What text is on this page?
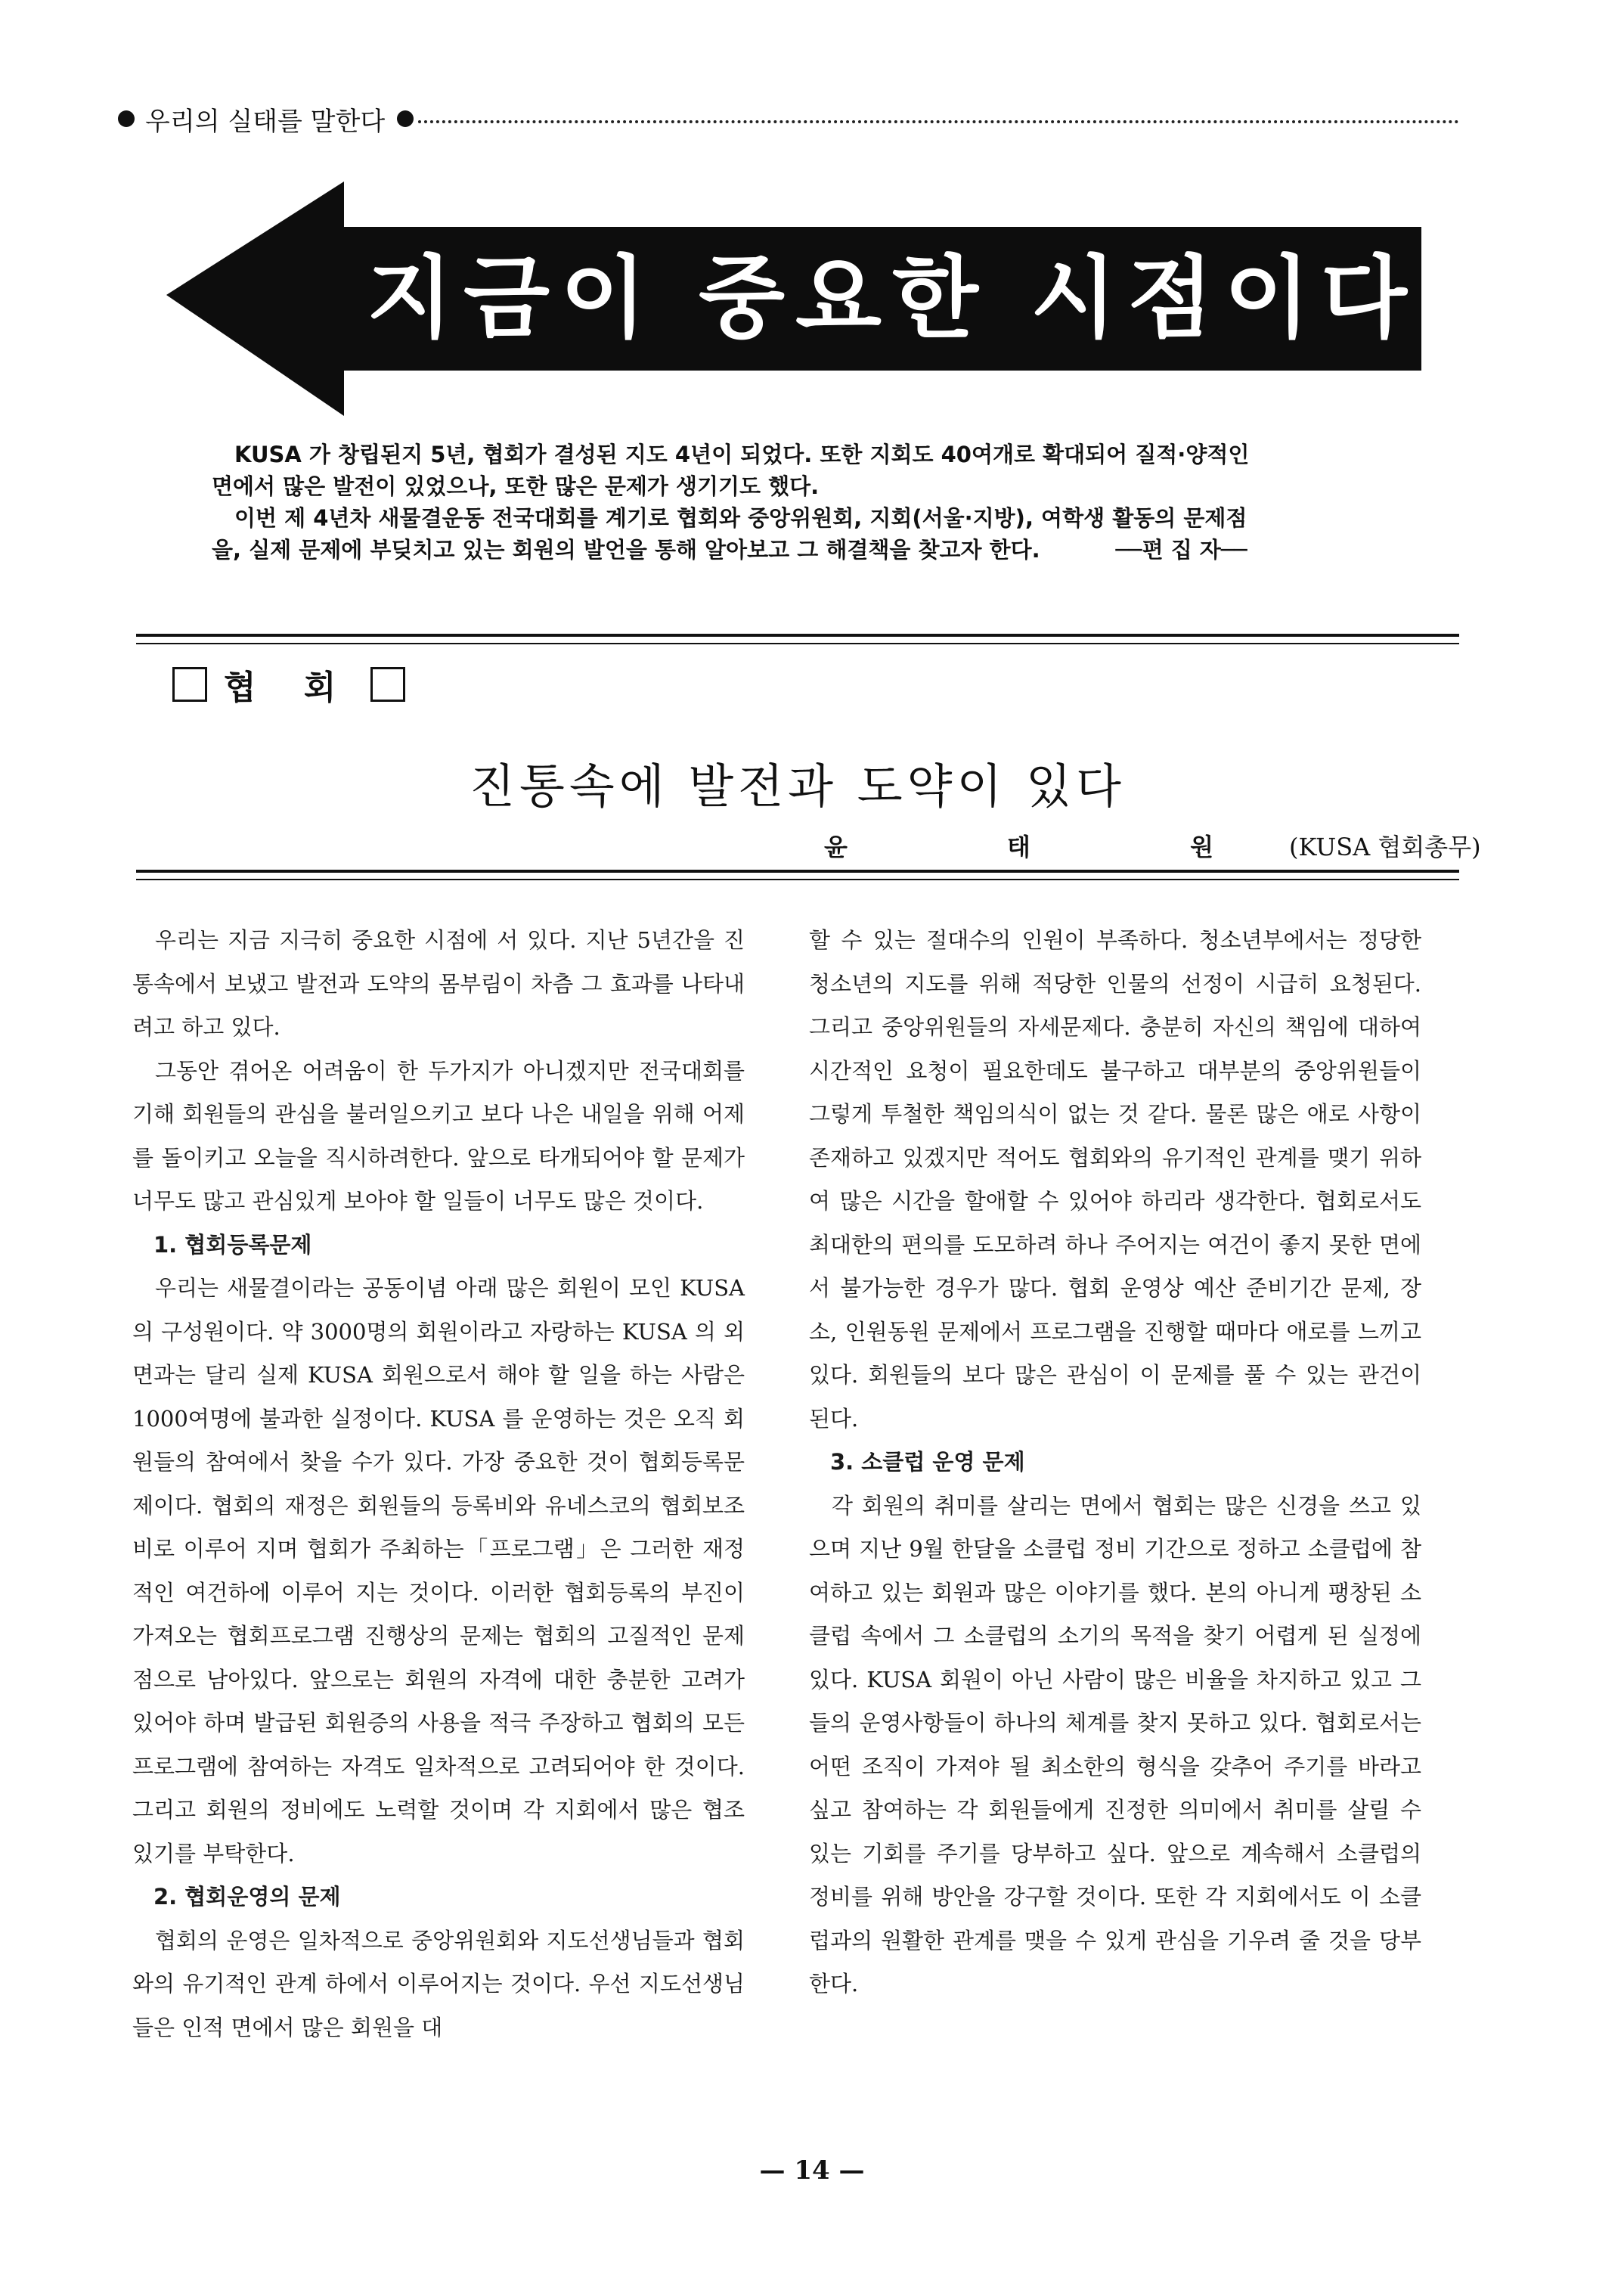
우리의 실태를 말한다
지금이 중요한 시점이다

KUSA 가 창립된지 5년, 협회가 결성된 지도 4년이 되었다. 또한 지회도 40여개로 확대되어 질적·양적인 면에서 많은 발전이 있었으나, 또한 많은 문제가 생기기도 했다.

이번 제 4년차 새물결운동 전국대회를 계기로 협회와 중앙위원회, 지회(서울·지방), 여학생 활동의 문제점을, 실제 문제에 부딪치고 있는 회원의 발언을 통해 알아보고 그 해결책을 찾고자 한다.	──편 집 자──

협 회
진통속에 발전과 도약이 있다
윤 태 원(KUSA 협회총무)

우리는 지금 지극히 중요한 시점에 서 있다. 지난 5년간을 진통속에서 보냈고 발전과 도약의 몸부림이 차츰 그 효과를 나타내려고 하고 있다.

그동안 겪어온 어려움이 한 두가지가 아니겠지만 전국대회를 기해 회원들의 관심을 불러일으키고 보다 나은 내일을 위해 어제를 돌이키고 오늘을 직시하려한다. 앞으로 타개되어야 할 문제가 너무도 많고 관심있게 보아야 할 일들이 너무도 많은 것이다.

1. 협회등록문제

우리는 새물결이라는 공동이념 아래 많은 회원이 모인 KUSA 의 구성원이다. 약 3000명의 회원이라고 자랑하는 KUSA 의 외면과는 달리 실제 KUSA 회원으로서 해야 할 일을 하는 사람은 1000여명에 불과한 실정이다. KUSA 를 운영하는 것은 오직 회원들의 참여에서 찾을 수가 있다. 가장 중요한 것이 협회등록문제이다. 협회의 재정은 회원들의 등록비와 유네스코의 협회보조비로 이루어 지며 협회가 주최하는「프로그램」은 그러한 재정적인 여건하에 이루어 지는 것이다. 이러한 협회등록의 부진이 가져오는 협회프로그램 진행상의 문제는 협회의 고질적인 문제점으로 남아있다. 앞으로는 회원의 자격에 대한 충분한 고려가 있어야 하며 발급된 회원증의 사용을 적극 주장하고 협회의 모든 프로그램에 참여하는 자격도 일차적으로 고려되어야 한 것이다. 그리고 회원의 정비에도 노력할 것이며 각 지회에서 많은 협조 있기를 부탁한다.

2. 협회운영의 문제

협회의 운영은 일차적으로 중앙위원회와 지도선생님들과 협회와의 유기적인 관계 하에서 이루어지는 것이다. 우선 지도선생님들은 인적 면에서 많은 회원을 대

할 수 있는 절대수의 인원이 부족하다. 청소년부에서는 정당한 청소년의 지도를 위해 적당한 인물의 선정이 시급히 요청된다. 그리고 중앙위원들의 자세문제다. 충분히 자신의 책임에 대하여 시간적인 요청이 필요한데도 불구하고 대부분의 중앙위원들이 그렇게 투철한 책임의식이 없는 것 같다. 물론 많은 애로 사항이 존재하고 있겠지만 적어도 협회와의 유기적인 관계를 맺기 위하여 많은 시간을 할애할 수 있어야 하리라 생각한다. 협회로서도 최대한의 편의를 도모하려 하나 주어지는 여건이 좋지 못한 면에서 불가능한 경우가 많다. 협회 운영상 예산 준비기간 문제, 장소, 인원동원 문제에서 프로그램을 진행할 때마다 애로를 느끼고 있다. 회원들의 보다 많은 관심이 이 문제를 풀 수 있는 관건이 된다.

3. 소클럽 운영 문제

각 회원의 취미를 살리는 면에서 협회는 많은 신경을 쓰고 있으며 지난 9월 한달을 소클럽 정비 기간으로 정하고 소클럽에 참여하고 있는 회원과 많은 이야기를 했다. 본의 아니게 팽창된 소클럽 속에서 그 소클럽의 소기의 목적을 찾기 어렵게 된 실정에 있다. KUSA 회원이 아닌 사람이 많은 비율을 차지하고 있고 그들의 운영사항들이 하나의 체계를 찾지 못하고 있다. 협회로서는 어떤 조직이 가져야 될 최소한의 형식을 갖추어 주기를 바라고 싶고 참여하는 각 회원들에게 진정한 의미에서 취미를 살릴 수 있는 기회를 주기를 당부하고 싶다. 앞으로 계속해서 소클럽의 정비를 위해 방안을 강구할 것이다. 또한 각 지회에서도 이 소클럽과의 원활한 관계를 맺을 수 있게 관심을 기우려 줄 것을 당부한다.

— 14 —
